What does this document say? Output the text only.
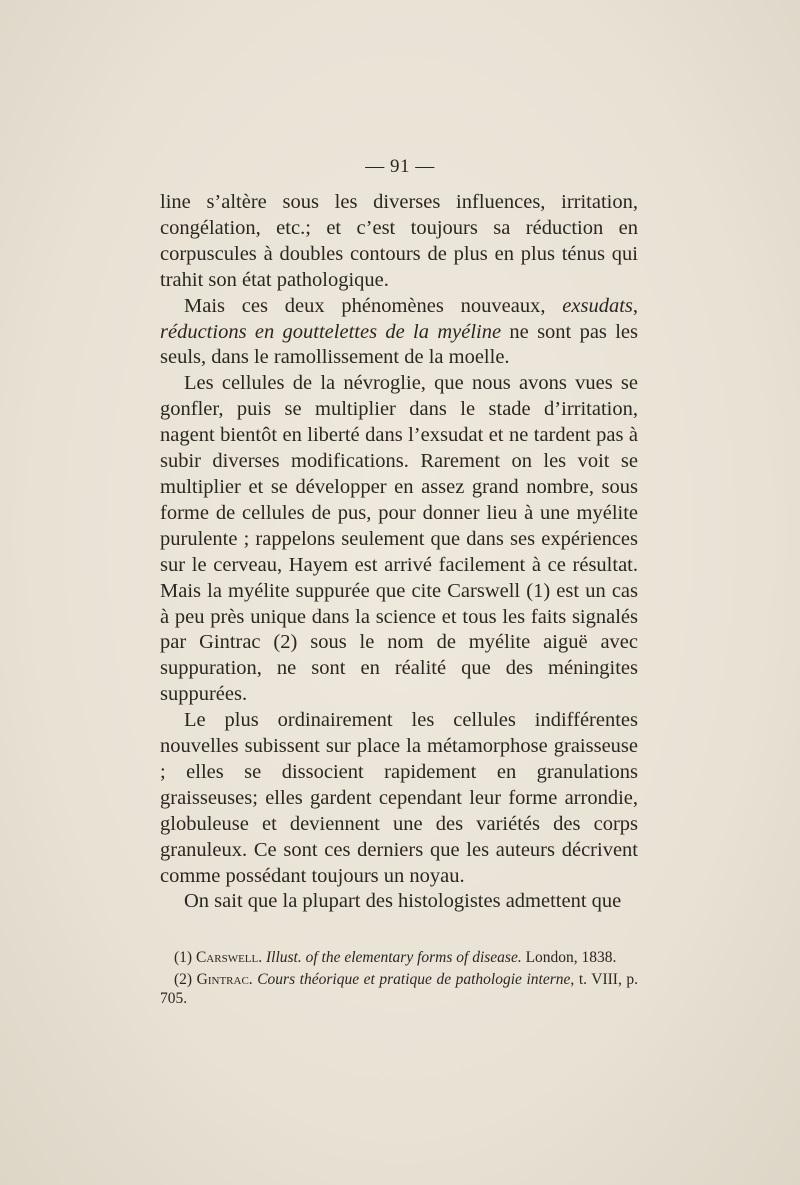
— 91 —

line s’altère sous les diverses influences, irritation, congélation, etc.; et c’est toujours sa réduction en corpuscules à doubles contours de plus en plus ténus qui trahit son état pathologique.

Mais ces deux phénomènes nouveaux, exsudats, réductions en gouttelettes de la myéline ne sont pas les seuls, dans le ramollissement de la moelle.

Les cellules de la névroglie, que nous avons vues se gonfler, puis se multiplier dans le stade d’irritation, nagent bientôt en liberté dans l’exsudat et ne tardent pas à subir diverses modifications. Rarement on les voit se multiplier et se développer en assez grand nombre, sous forme de cellules de pus, pour donner lieu à une myélite purulente ; rappelons seulement que dans ses expériences sur le cerveau, Hayem est arrivé facilement à ce résultat. Mais la myélite suppurée que cite Carswell (1) est un cas à peu près unique dans la science et tous les faits signalés par Gintrac (2) sous le nom de myélite aiguë avec suppuration, ne sont en réalité que des méningites suppurées.

Le plus ordinairement les cellules indifférentes nouvelles subissent sur place la métamorphose graisseuse ; elles se dissocient rapidement en granulations graisseuses; elles gardent cependant leur forme arrondie, globuleuse et deviennent une des variétés des corps granuleux. Ce sont ces derniers que les auteurs décrivent comme possédant toujours un noyau.

On sait que la plupart des histologistes admettent que

(1) Carswell. Illust. of the elementary forms of disease. London, 1838.

(2) Gintrac. Cours théorique et pratique de pathologie interne, t. VIII, p. 705.
